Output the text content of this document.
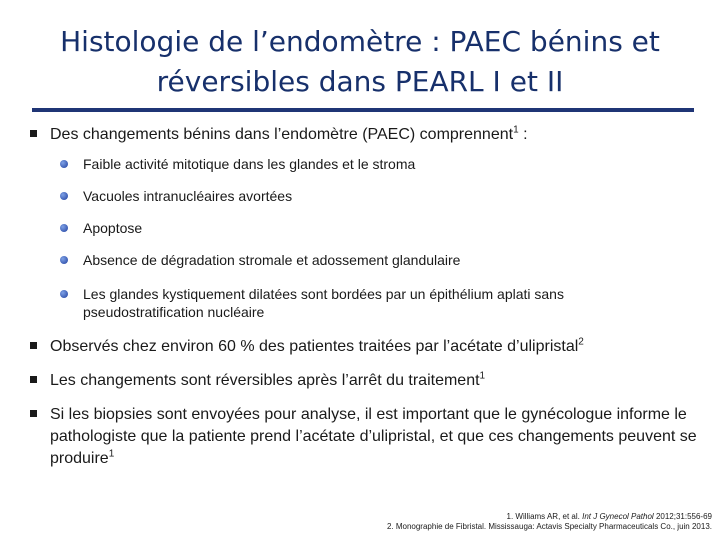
Histologie de l’endomètre : PAEC bénins et réversibles dans PEARL I et II
Des changements bénins dans l’endomètre (PAEC) comprennent$^1$ :
Faible activité mitotique dans les glandes et le stroma
Vacuoles intranucléaires avortées
Apoptose
Absence de dégradation stromale et adossement glandulaire
Les glandes kystiquement dilatées sont bordées par un épithélium aplati sans pseudostratification nucléaire
Observés chez environ 60 % des patientes traitées par l’acétate d’ulipristal$^2$
Les changements sont réversibles après l’arrêt du traitement$^1$
Si les biopsies sont envoyées pour analyse, il est important que le gynécologue informe le pathologiste que la patiente prend l’acétate d’ulipristal, et que ces changements peuvent se produire$^1$
1. Williams AR, et al. Int J Gynecol Pathol 2012;31:556-69
2. Monographie de Fibristal. Mississauga: Actavis Specialty Pharmaceuticals Co., juin 2013.
